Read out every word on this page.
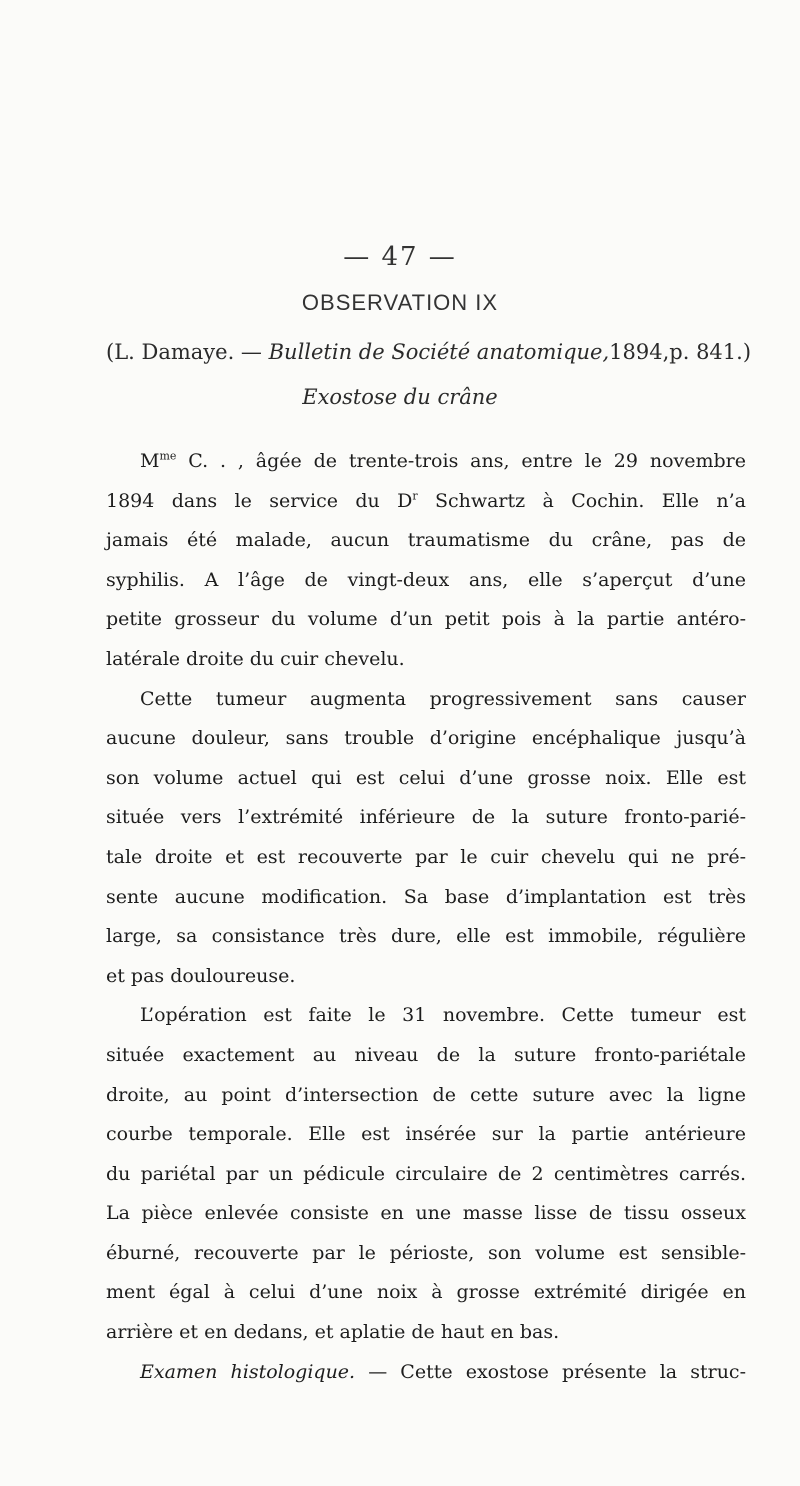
— 47 —
OBSERVATION IX
(L. Damaye. — Bulletin de Société anatomique,1894,p. 841.)
Exostose du crâne
$M^{me}$ C. . , âgée de trente-trois ans, entre le 29 novembre
1894 dans le service du $D^r$ Schwartz à Cochin. Elle n’a
jamais été malade, aucun traumatisme du crâne, pas de
syphilis. A l’âge de vingt-deux ans, elle s’aperçut d’une
petite grosseur du volume d’un petit pois à la partie antéro-
latérale droite du cuir chevelu.
Cette tumeur augmenta progressivement sans causer
aucune douleur, sans trouble d’origine encéphalique jusqu’à
son volume actuel qui est celui d’une grosse noix. Elle est
située vers l’extrémité inférieure de la suture fronto-parié-
tale droite et est recouverte par le cuir chevelu qui ne pré-
sente aucune modification. Sa base d’implantation est très
large, sa consistance très dure, elle est immobile, régulière
et pas douloureuse.
L’opération est faite le 31 novembre. Cette tumeur est
située exactement au niveau de la suture fronto-pariétale
droite, au point d’intersection de cette suture avec la ligne
courbe temporale. Elle est insérée sur la partie antérieure
du pariétal par un pédicule circulaire de 2 centimètres carrés.
La pièce enlevée consiste en une masse lisse de tissu osseux
éburné, recouverte par le périoste, son volume est sensible-
ment égal à celui d’une noix à grosse extrémité dirigée en
arrière et en dedans, et aplatie de haut en bas.
Examen histologique. — Cette exostose présente la struc-
